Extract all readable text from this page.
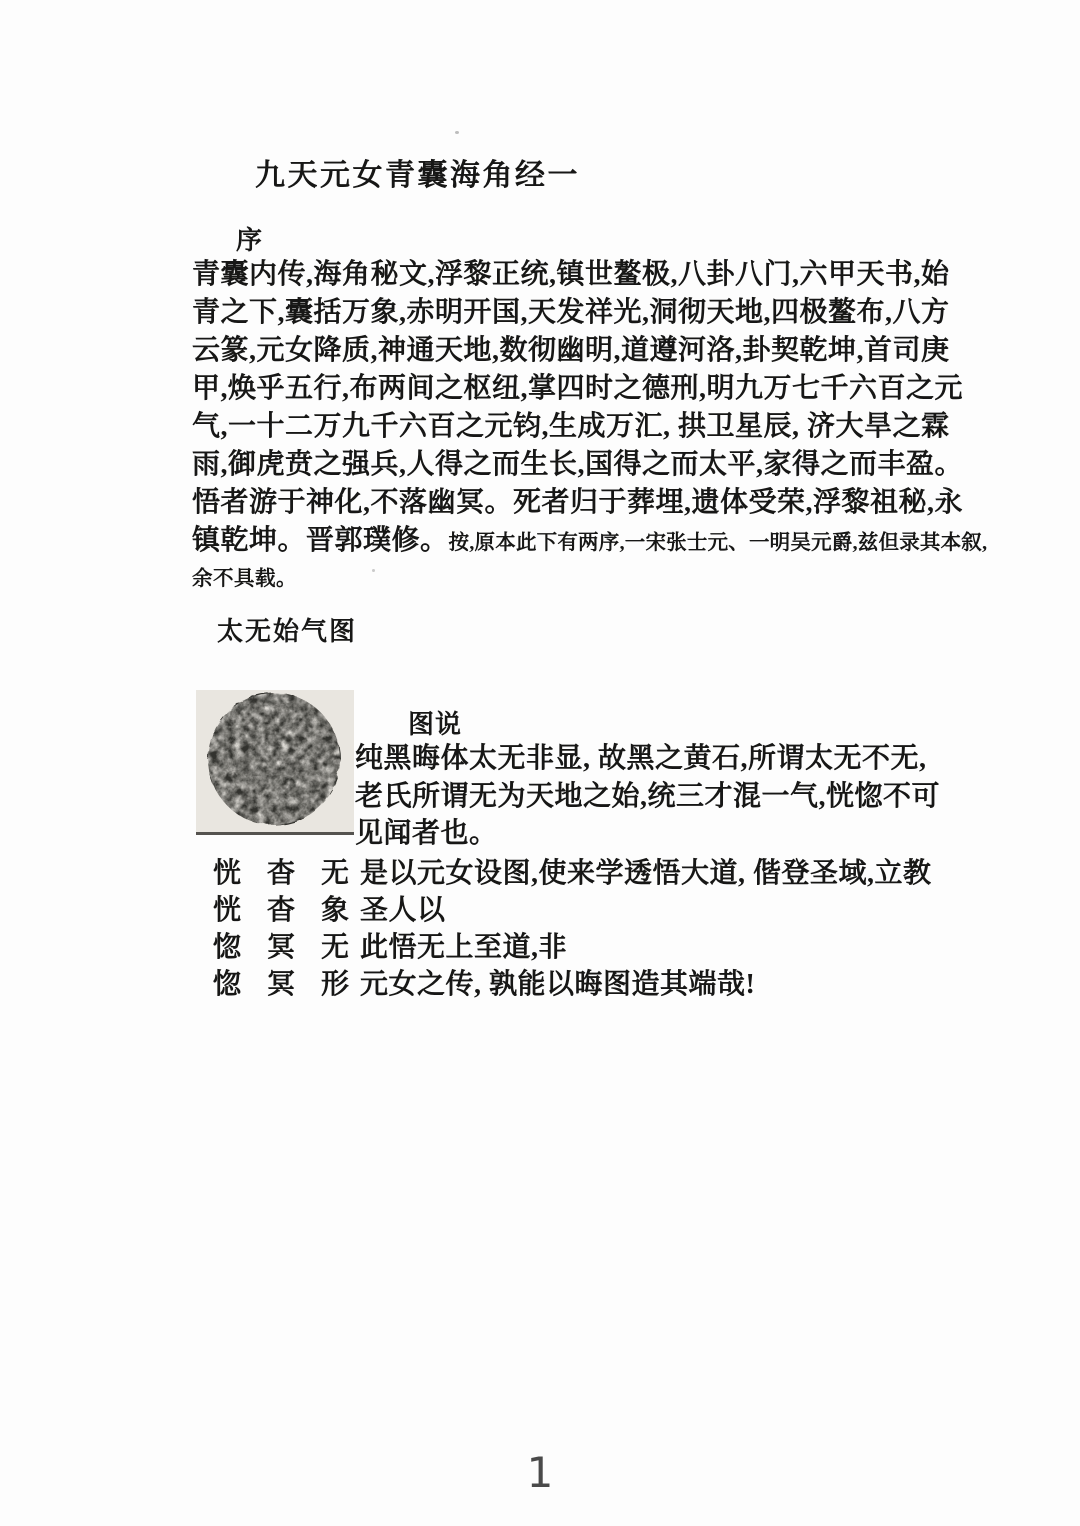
九天元女青囊海角经一
序
青囊内传,海角秘文,浮黎正统,镇世鳌极,八卦八门,六甲天书,始
青之下,囊括万象,赤明开国,天发祥光,洞彻天地,四极鳌布,八方
云篆,元女降质,神通天地,数彻幽明,道遵河洛,卦契乾坤,首司庚
甲,焕乎五行,布两间之枢纽,掌四时之德刑,明九万七千六百之元
气,一十二万九千六百之元钧,生成万汇, 拱卫星辰, 济大旱之霖
雨,御虎贲之强兵,人得之而生长,国得之而太平,家得之而丰盈。
悟者游于神化,不落幽冥。死者归于葬埋,遗体受荣,浮黎祖秘,永
镇乾坤。晋郭璞修。按,原本此下有两序,一宋张士元、一明吴元爵,兹但录其本叙,
余不具载。
太无始气图
图说
纯黑晦体太无非显, 故黑之黄石,所谓太无不无,
老氏所谓无为天地之始,统三才混一气,恍惚不可
见闻者也。
恍 杳 无 是以元女设图,使来学透悟大道, 偕登圣域,立教
恍 杳 象 圣人以
惚 冥 无 此悟无上至道,非
惚 冥 形 元女之传, 孰能以晦图造其端哉!
1
